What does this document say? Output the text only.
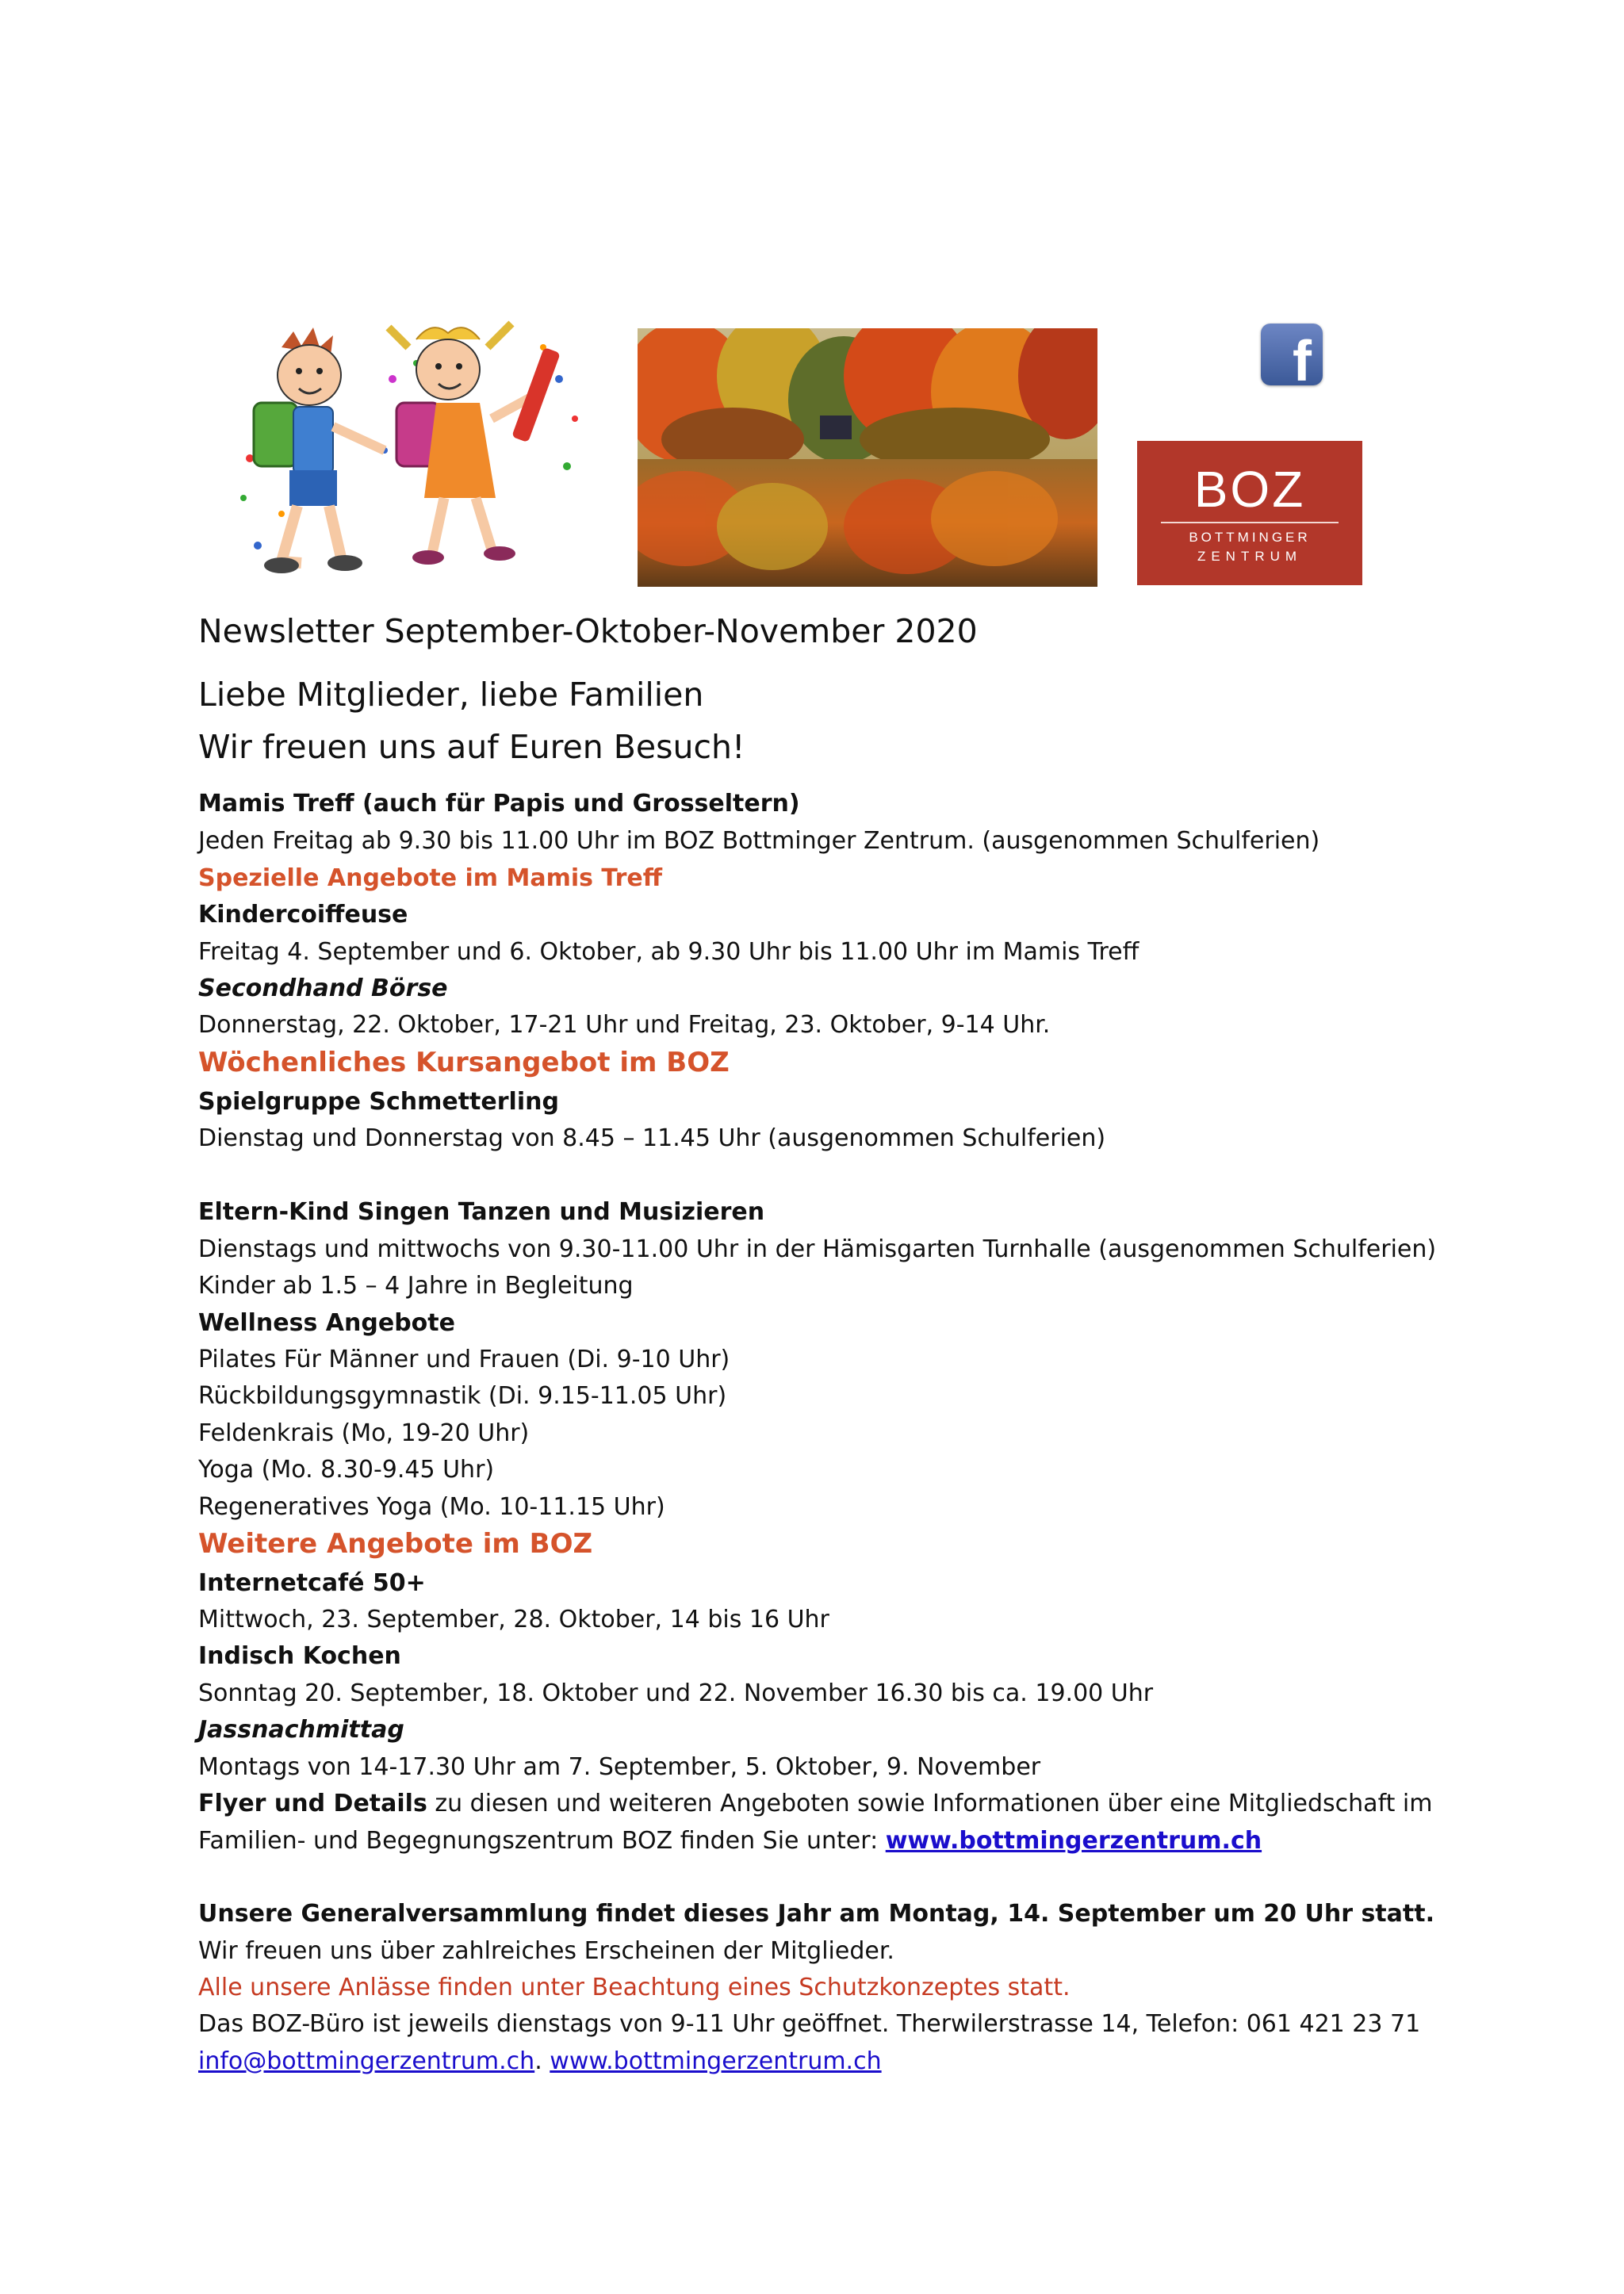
f
BOZ
BOTTMINGER
ZENTRUM
Newsletter September-Oktober-November 2020
Liebe Mitglieder, liebe Familien
Wir freuen uns auf Euren Besuch!
Mamis Treff (auch für Papis und Grosseltern)
Jeden Freitag ab 9.30 bis 11.00 Uhr im BOZ Bottminger Zentrum. (ausgenommen Schulferien)
Spezielle Angebote im Mamis Treff
Kindercoiffeuse
Freitag 4. September und 6. Oktober, ab 9.30 Uhr bis 11.00 Uhr im Mamis Treff
Secondhand Börse
Donnerstag, 22. Oktober, 17-21 Uhr und Freitag, 23. Oktober, 9-14 Uhr.
Wöchenliches Kursangebot im BOZ
Spielgruppe Schmetterling
Dienstag und Donnerstag von 8.45 – 11.45 Uhr (ausgenommen Schulferien)
Eltern-Kind Singen Tanzen und Musizieren
Dienstags und mittwochs von 9.30-11.00 Uhr in der Hämisgarten Turnhalle (ausgenommen Schulferien)
Kinder ab 1.5 – 4 Jahre in Begleitung
Wellness Angebote
Pilates Für Männer und Frauen (Di. 9-10 Uhr)
Rückbildungsgymnastik (Di. 9.15-11.05 Uhr)
Feldenkrais (Mo, 19-20 Uhr)
Yoga (Mo. 8.30-9.45 Uhr)
Regeneratives Yoga (Mo. 10-11.15 Uhr)
Weitere Angebote im BOZ
Internetcafé 50+
Mittwoch, 23. September, 28. Oktober, 14 bis 16 Uhr
Indisch Kochen
Sonntag 20. September, 18. Oktober und 22. November 16.30 bis ca. 19.00 Uhr
Jassnachmittag
Montags von 14-17.30 Uhr am 7. September, 5. Oktober, 9. November
Flyer und Details zu diesen und weiteren Angeboten sowie Informationen über eine Mitgliedschaft im
Familien- und Begegnungszentrum BOZ finden Sie unter: www.bottmingerzentrum.ch
Unsere Generalversammlung findet dieses Jahr am Montag, 14. September um 20 Uhr statt.
Wir freuen uns über zahlreiches Erscheinen der Mitglieder.
Alle unsere Anlässe finden unter Beachtung eines Schutzkonzeptes statt.
Das BOZ-Büro ist jeweils dienstags von 9-11 Uhr geöffnet. Therwilerstrasse 14, Telefon: 061 421 23 71
info@bottmingerzentrum.ch. www.bottmingerzentrum.ch
